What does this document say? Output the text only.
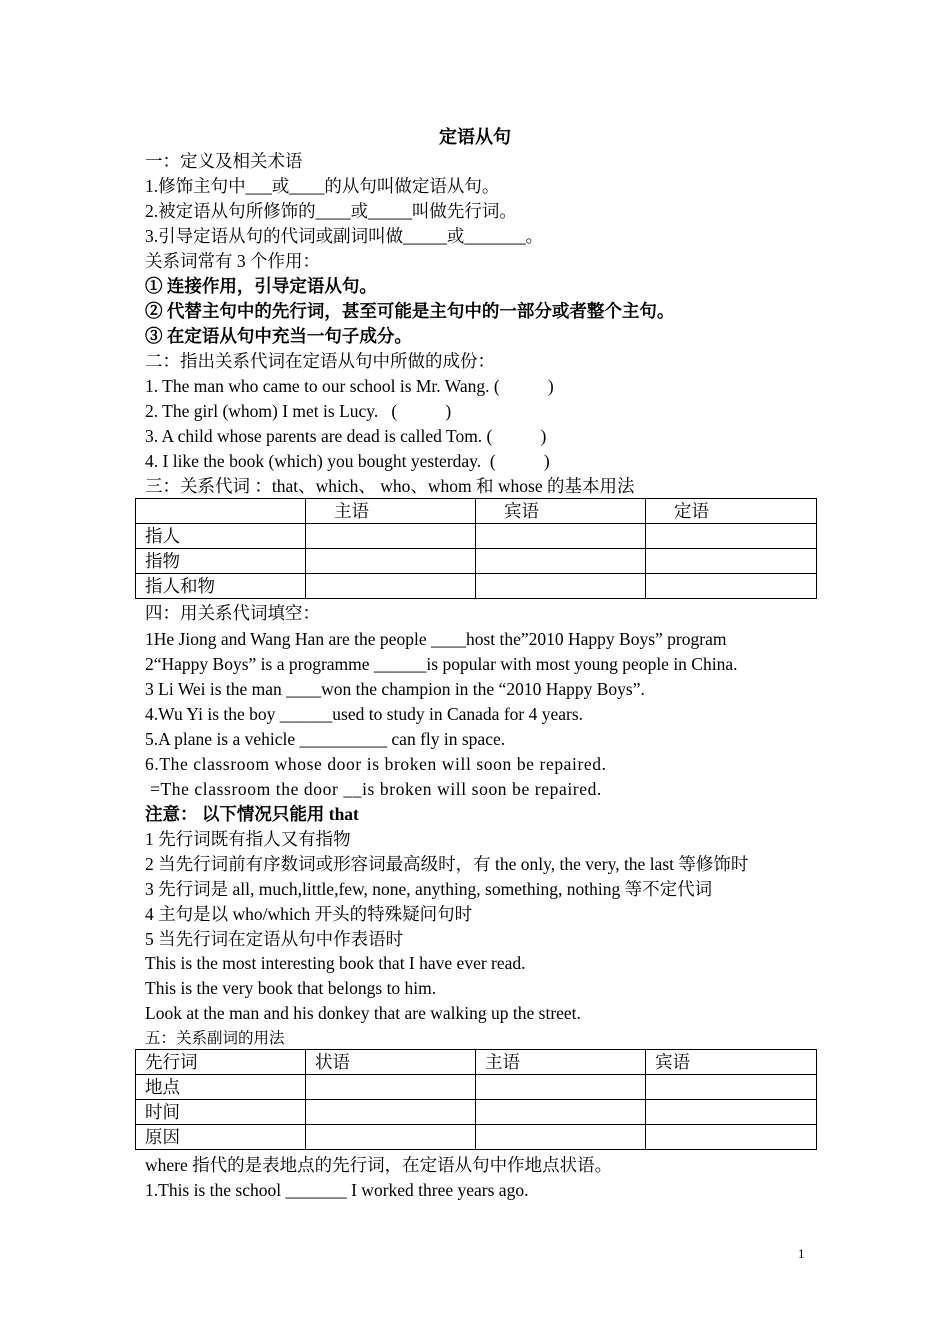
定语从句
一：定义及相关术语
1.修饰主句中___或____的从句叫做定语从句。
2.被定语从句所修饰的____或_____叫做先行词。
3.引导定语从句的代词或副词叫做_____或_______。
关系词常有 3 个作用：
① 连接作用，引导定语从句。
② 代替主句中的先行词，甚至可能是主句中的一部分或者整个主句。
③ 在定语从句中充当一句子成分。
二：指出关系代词在定语从句中所做的成份：
1. The man who came to our school is Mr. Wang. (           )
2. The girl (whom) I met is Lucy.   (           )
3. A child whose parents are dead is called Tom. (           )
4. I like the book (which) you bought yesterday.  (           )
三：关系代词 ：that、which、 who、whom 和 whose 的基本用法
	主语	宾语	定语
指人			
指物			
指人和物			
四：用关系代词填空：
1He Jiong and Wang Han are the people ____host the”2010 Happy Boys” program
2“Happy Boys” is a programme ______is popular with most young people in China.
3 Li Wei is the man ____won the champion in the “2010 Happy Boys”.
4.Wu Yi is the boy ______used to study in Canada for 4 years.
5.A plane is a vehicle __________ can fly in space.
6.The classroom whose door is broken will soon be repaired.
=The classroom the door __is broken will soon be repaired.
注意： 以下情况只能用 that
1 先行词既有指人又有指物
2 当先行词前有序数词或形容词最高级时，有 the only, the very, the last 等修饰时
3 先行词是 all, much,little,few, none, anything, something, nothing 等不定代词
4 主句是以 who/which 开头的特殊疑问句时
5 当先行词在定语从句中作表语时
This is the most interesting book that I have ever read.
This is the very book that belongs to him.
Look at the man and his donkey that are walking up the street.
五：关系副词的用法
先行词	状语	主语	宾语
地点			
时间			
原因			
where 指代的是表地点的先行词，在定语从句中作地点状语。
1.This is the school _______ I worked three years ago.
1
